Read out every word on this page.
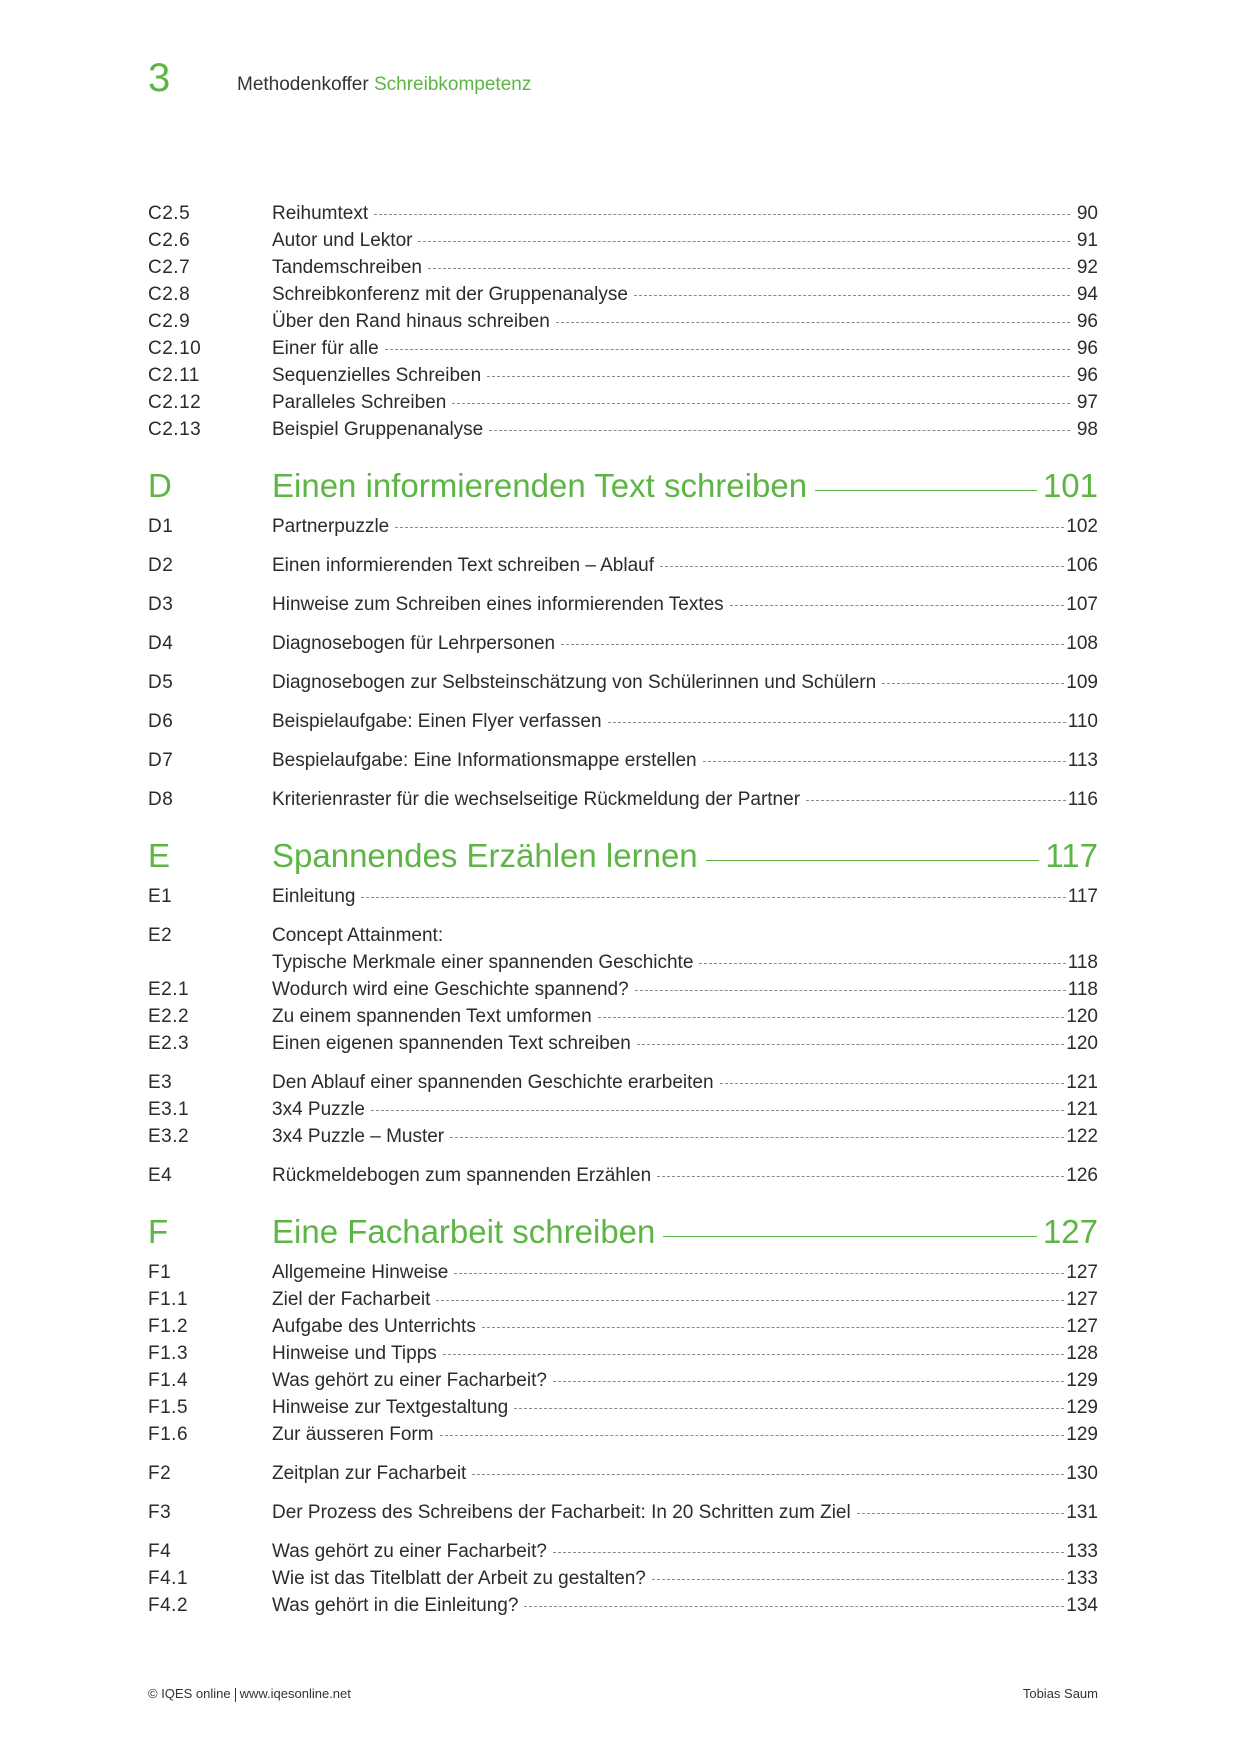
3	Methodenkoffer Schreibkompetenz
C2.5	Reihumtext	90
C2.6	Autor und Lektor	91
C2.7	Tandemschreiben	92
C2.8	Schreibkonferenz mit der Gruppenanalyse	94
C2.9	Über den Rand hinaus schreiben	96
C2.10	Einer für alle	96
C2.11	Sequenzielles Schreiben	96
C2.12	Paralleles Schreiben	97
C2.13	Beispiel Gruppenanalyse	98
D	Einen informierenden Text schreiben	101
D1	Partnerpuzzle	102
D2	Einen informierenden Text schreiben – Ablauf	106
D3	Hinweise zum Schreiben eines informierenden Textes	107
D4	Diagnosebogen für Lehrpersonen	108
D5	Diagnosebogen zur Selbsteinschätzung von Schülerinnen und Schülern	109
D6	Beispielaufgabe: Einen Flyer verfassen	110
D7	Bespielaufgabe: Eine Informationsmappe erstellen	113
D8	Kriterienraster für die wechselseitige Rückmeldung der Partner	116
E	Spannendes Erzählen lernen	117
E1	Einleitung	117
E2	Concept Attainment:
Typische Merkmale einer spannenden Geschichte	118
E2.1	Wodurch wird eine Geschichte spannend?	118
E2.2	Zu einem spannenden Text umformen	120
E2.3	Einen eigenen spannenden Text schreiben	120
E3	Den Ablauf einer spannenden Geschichte erarbeiten	121
E3.1	3x4 Puzzle	121
E3.2	3x4 Puzzle – Muster	122
E4	Rückmeldebogen zum spannenden Erzählen	126
F	Eine Facharbeit schreiben	127
F1	Allgemeine Hinweise	127
F1.1	Ziel der Facharbeit	127
F1.2	Aufgabe des Unterrichts	127
F1.3	Hinweise und Tipps	128
F1.4	Was gehört zu einer Facharbeit?	129
F1.5	Hinweise zur Textgestaltung	129
F1.6	Zur äusseren Form	129
F2	Zeitplan zur Facharbeit	130
F3	Der Prozess des Schreibens der Facharbeit: In 20 Schritten zum Ziel	131
F4	Was gehört zu einer Facharbeit?	133
F4.1	Wie ist das Titelblatt der Arbeit zu gestalten?	133
F4.2	Was gehört in die Einleitung?	134
© IQES online www.iqesonline.net	Tobias Saum
